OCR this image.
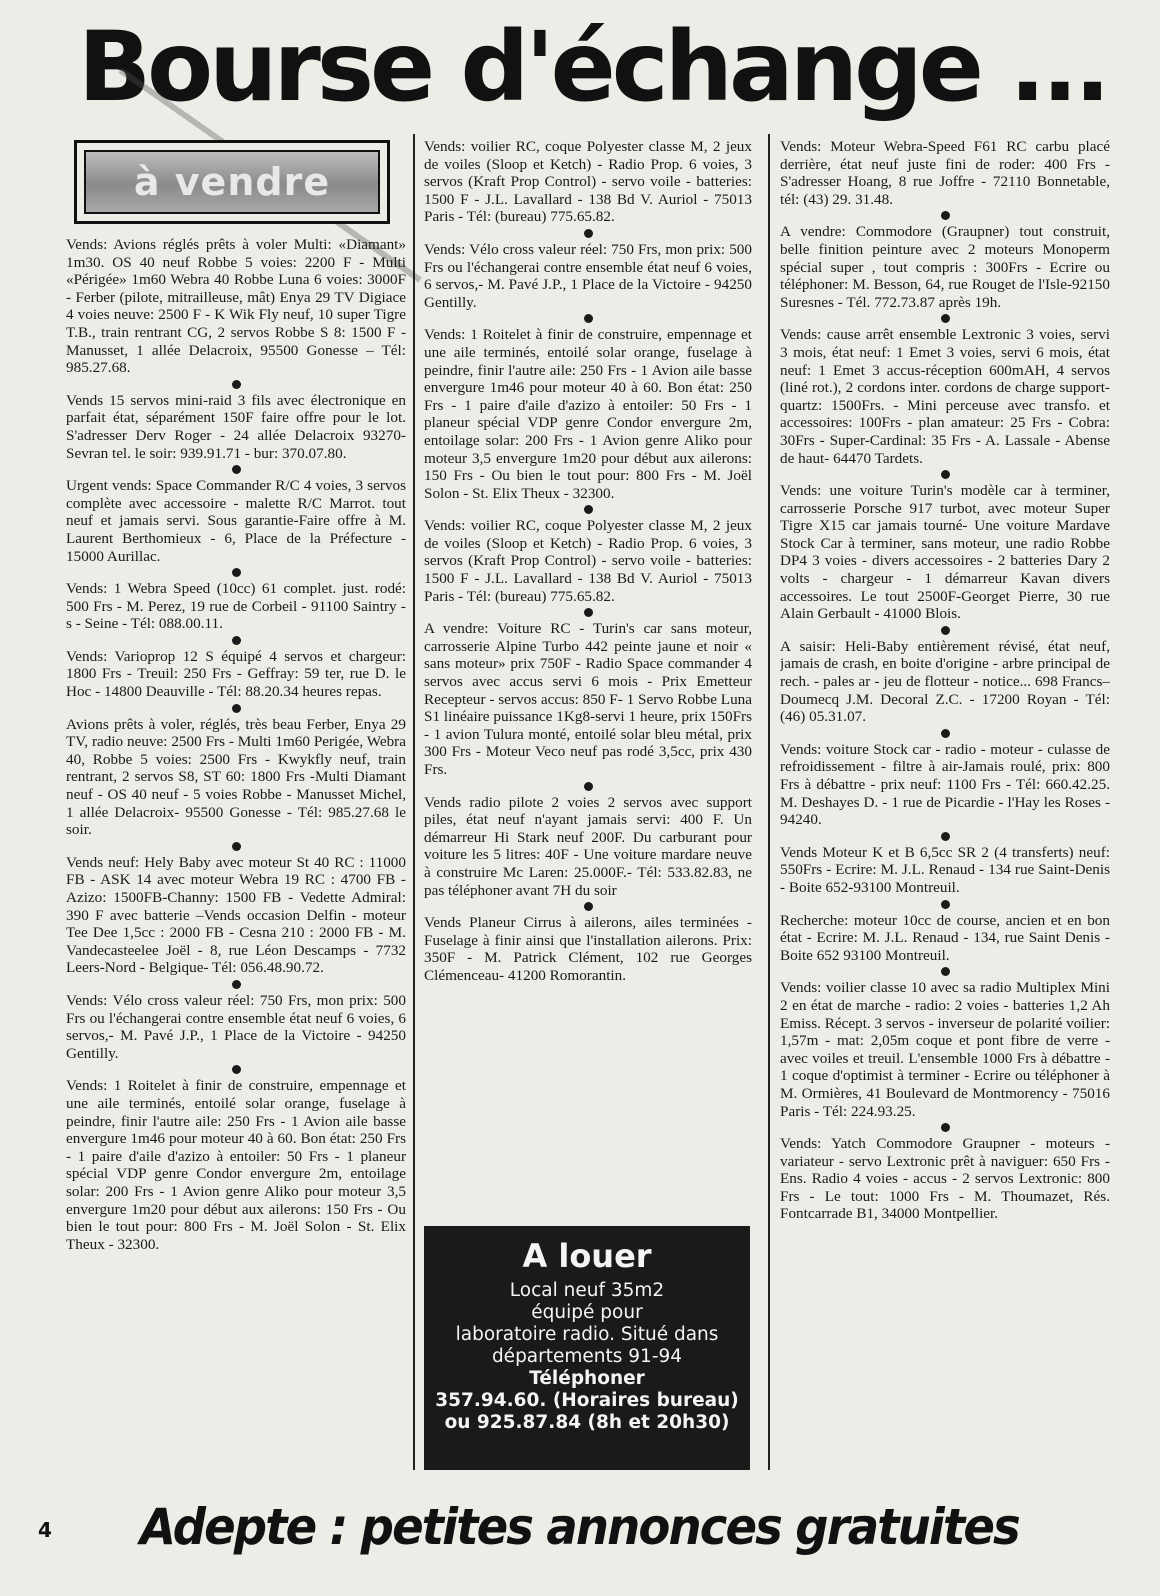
Bourse d'échange ...
à vendre

Vends: Avions réglés prêts à voler Multi: «Diamant» 1m30. OS 40 neuf Robbe 5 voies: 2200 F - Multi «Périgée» 1m60 Webra 40 Robbe Luna 6 voies: 3000F - Ferber (pilote, mitrailleuse, mât) Enya 29 TV Digiace 4 voies neuve: 2500 F - K Wik Fly neuf, 10 super Tigre T.B., train rentrant CG, 2 servos Robbe S 8: 1500 F - Manusset, 1 allée Delacroix, 95500 Gonesse – Tél: 985.27.68.

Vends 15 servos mini-raid 3 fils avec électronique en parfait état, séparément 150F faire offre pour le lot. S'adresser Derv Roger - 24 allée Delacroix 93270- Sevran tel. le soir: 939.91.71 - bur: 370.07.80.

Urgent vends: Space Commander R/C 4 voies, 3 servos complète avec accessoire - malette R/C Marrot. tout neuf et jamais servi. Sous garantie-Faire offre à M. Laurent Berthomieux - 6, Place de la Préfecture - 15000 Aurillac.

Vends: 1 Webra Speed (10cc) 61 complet. just. rodé: 500 Frs - M. Perez, 19 rue de Corbeil - 91100 Saintry - s - Seine - Tél: 088.00.11.

Vends: Varioprop 12 S équipé 4 servos et chargeur: 1800 Frs - Treuil: 250 Frs - Geffray: 59 ter, rue D. le Hoc - 14800 Deauville - Tél: 88.20.34 heures repas.

Avions prêts à voler, réglés, très beau Ferber, Enya 29 TV, radio neuve: 2500 Frs - Multi 1m60 Perigée, Webra 40, Robbe 5 voies: 2500 Frs - Kwykfly neuf, train rentrant, 2 servos S8, ST 60: 1800 Frs -Multi Diamant neuf - OS 40 neuf - 5 voies Robbe - Manusset Michel, 1 allée Delacroix- 95500 Gonesse - Tél: 985.27.68 le soir.

Vends neuf: Hely Baby avec moteur St 40 RC : 11000 FB - ASK 14 avec moteur Webra 19 RC : 4700 FB - Azizo: 1500FB-Channy: 1500 FB - Vedette Admiral: 390 F avec batterie –Vends occasion Delfin - moteur Tee Dee 1,5cc : 2000 FB - Cesna 210 : 2000 FB - M. Vandecasteelee Joël - 8, rue Léon Descamps - 7732 Leers-Nord - Belgique- Tél: 056.48.90.72.

Vends: Vélo cross valeur réel: 750 Frs, mon prix: 500 Frs ou l'échangerai contre ensemble état neuf 6 voies, 6 servos,- M. Pavé J.P., 1 Place de la Victoire - 94250 Gentilly.

Vends: 1 Roitelet à finir de construire, empennage et une aile terminés, entoilé solar orange, fuselage à peindre, finir l'autre aile: 250 Frs - 1 Avion aile basse envergure 1m46 pour moteur 40 à 60. Bon état: 250 Frs - 1 paire d'aile d'azizo à entoiler: 50 Frs - 1 planeur spécial VDP genre Condor envergure 2m, entoilage solar: 200 Frs - 1 Avion genre Aliko pour moteur 3,5 envergure 1m20 pour début aux ailerons: 150 Frs - Ou bien le tout pour: 800 Frs - M. Joël Solon - St. Elix Theux - 32300.

Vends: voilier RC, coque Polyester classe M, 2 jeux de voiles (Sloop et Ketch) - Radio Prop. 6 voies, 3 servos (Kraft Prop Control) - servo voile - batteries: 1500 F - J.L. Lavallard - 138 Bd V. Auriol - 75013 Paris - Tél: (bureau) 775.65.82.

Vends: Vélo cross valeur réel: 750 Frs, mon prix: 500 Frs ou l'échangerai contre ensemble état neuf 6 voies, 6 servos,- M. Pavé J.P., 1 Place de la Victoire - 94250 Gentilly.

Vends: 1 Roitelet à finir de construire, empennage et une aile terminés, entoilé solar orange, fuselage à peindre, finir l'autre aile: 250 Frs - 1 Avion aile basse envergure 1m46 pour moteur 40 à 60. Bon état: 250 Frs - 1 paire d'aile d'azizo à entoiler: 50 Frs - 1 planeur spécial VDP genre Condor envergure 2m, entoilage solar: 200 Frs - 1 Avion genre Aliko pour moteur 3,5 envergure 1m20 pour début aux ailerons: 150 Frs - Ou bien le tout pour: 800 Frs - M. Joël Solon - St. Elix Theux - 32300.

Vends: voilier RC, coque Polyester classe M, 2 jeux de voiles (Sloop et Ketch) - Radio Prop. 6 voies, 3 servos (Kraft Prop Control) - servo voile - batteries: 1500 F - J.L. Lavallard - 138 Bd V. Auriol - 75013 Paris - Tél: (bureau) 775.65.82.

A vendre: Voiture RC - Turin's car sans moteur, carrosserie Alpine Turbo 442 peinte jaune et noir « sans moteur» prix 750F - Radio Space commander 4 servos avec accus servi 6 mois - Prix Emetteur Recepteur - servos accus: 850 F- 1 Servo Robbe Luna S1 linéaire puissance 1Kg8-servi 1 heure, prix 150Frs - 1 avion Tulura monté, entoilé solar bleu métal, prix 300 Frs - Moteur Veco neuf pas rodé 3,5cc, prix 430 Frs.

Vends radio pilote 2 voies 2 servos avec support piles, état neuf n'ayant jamais servi: 400 F. Un démarreur Hi Stark neuf 200F. Du carburant pour voiture les 5 litres: 40F - Une voiture mardare neuve à construire Mc Laren: 25.000F.- Tél: 533.82.83, ne pas téléphoner avant 7H du soir

Vends Planeur Cirrus à ailerons, ailes terminées - Fuselage à finir ainsi que l'installation ailerons. Prix: 350F - M. Patrick Clément, 102 rue Georges Clémenceau- 41200 Romorantin.

Vends: Moteur Webra-Speed F61 RC carbu placé derrière, état neuf juste fini de roder: 400 Frs - S'adresser Hoang, 8 rue Joffre - 72110 Bonnetable, tél: (43) 29. 31.48.

A vendre: Commodore (Graupner) tout construit, belle finition peinture avec 2 moteurs Monoperm spécial super , tout compris : 300Frs - Ecrire ou téléphoner: M. Besson, 64, rue Rouget de l'Isle-92150 Suresnes - Tél. 772.73.87 après 19h.

Vends: cause arrêt ensemble Lextronic 3 voies, servi 3 mois, état neuf: 1 Emet 3 voies, servi 6 mois, état neuf: 1 Emet 3 accus-réception 600mAH, 4 servos (liné rot.), 2 cordons inter. cordons de charge support-quartz: 1500Frs. - Mini perceuse avec transfo. et accessoires: 100Frs - plan amateur: 25 Frs - Cobra: 30Frs - Super-Cardinal: 35 Frs - A. Lassale - Abense de haut- 64470 Tardets.

Vends: une voiture Turin's modèle car à terminer, carrosserie Porsche 917 turbot, avec moteur Super Tigre X15 car jamais tourné- Une voiture Mardave Stock Car à terminer, sans moteur, une radio Robbe DP4 3 voies - divers accessoires - 2 batteries Dary 2 volts - chargeur - 1 démarreur Kavan divers accessoires. Le tout 2500F-Georget Pierre, 30 rue Alain Gerbault - 41000 Blois.

A saisir: Heli-Baby entièrement révisé, état neuf, jamais de crash, en boite d'origine - arbre principal de rech. - pales ar - jeu de flotteur - notice... 698 Francs– Doumecq J.M. Decoral Z.C. - 17200 Royan - Tél: (46) 05.31.07.

Vends: voiture Stock car - radio - moteur - culasse de refroidissement - filtre à air-Jamais roulé, prix: 800 Frs à débattre - prix neuf: 1100 Frs - Tél: 660.42.25. M. Deshayes D. - 1 rue de Picardie - l'Hay les Roses - 94240.

Vends Moteur K et B 6,5cc SR 2 (4 transferts) neuf: 550Frs - Ecrire: M. J.L. Renaud - 134 rue Saint-Denis - Boite 652-93100 Montreuil.

Recherche: moteur 10cc de course, ancien et en bon état - Ecrire: M. J.L. Renaud - 134, rue Saint Denis - Boite 652 93100 Montreuil.

Vends: voilier classe 10 avec sa radio Multiplex Mini 2 en état de marche - radio: 2 voies - batteries 1,2 Ah Emiss. Récept. 3 servos - inverseur de polarité voilier: 1,57m - mat: 2,05m coque et pont fibre de verre - avec voiles et treuil. L'ensemble 1000 Frs à débattre - 1 coque d'optimist à terminer - Ecrire ou téléphoner à M. Ormières, 41 Boulevard de Montmorency - 75016 Paris - Tél: 224.93.25.

Vends: Yatch Commodore Graupner - moteurs - variateur - servo Lextronic prêt à naviguer: 650 Frs - Ens. Radio 4 voies - accus - 2 servos Lextronic: 800 Frs - Le tout: 1000 Frs - M. Thoumazet, Rés. Fontcarrade B1, 34000 Montpellier.

A louer

Local neuf 35m2

équipé pour

laboratoire radio. Situé dans

départements 91-94

Téléphoner

357.94.60. (Horaires bureau)

ou 925.87.84 (8h et 20h30)

4 Adepte : petites annonces gratuites
